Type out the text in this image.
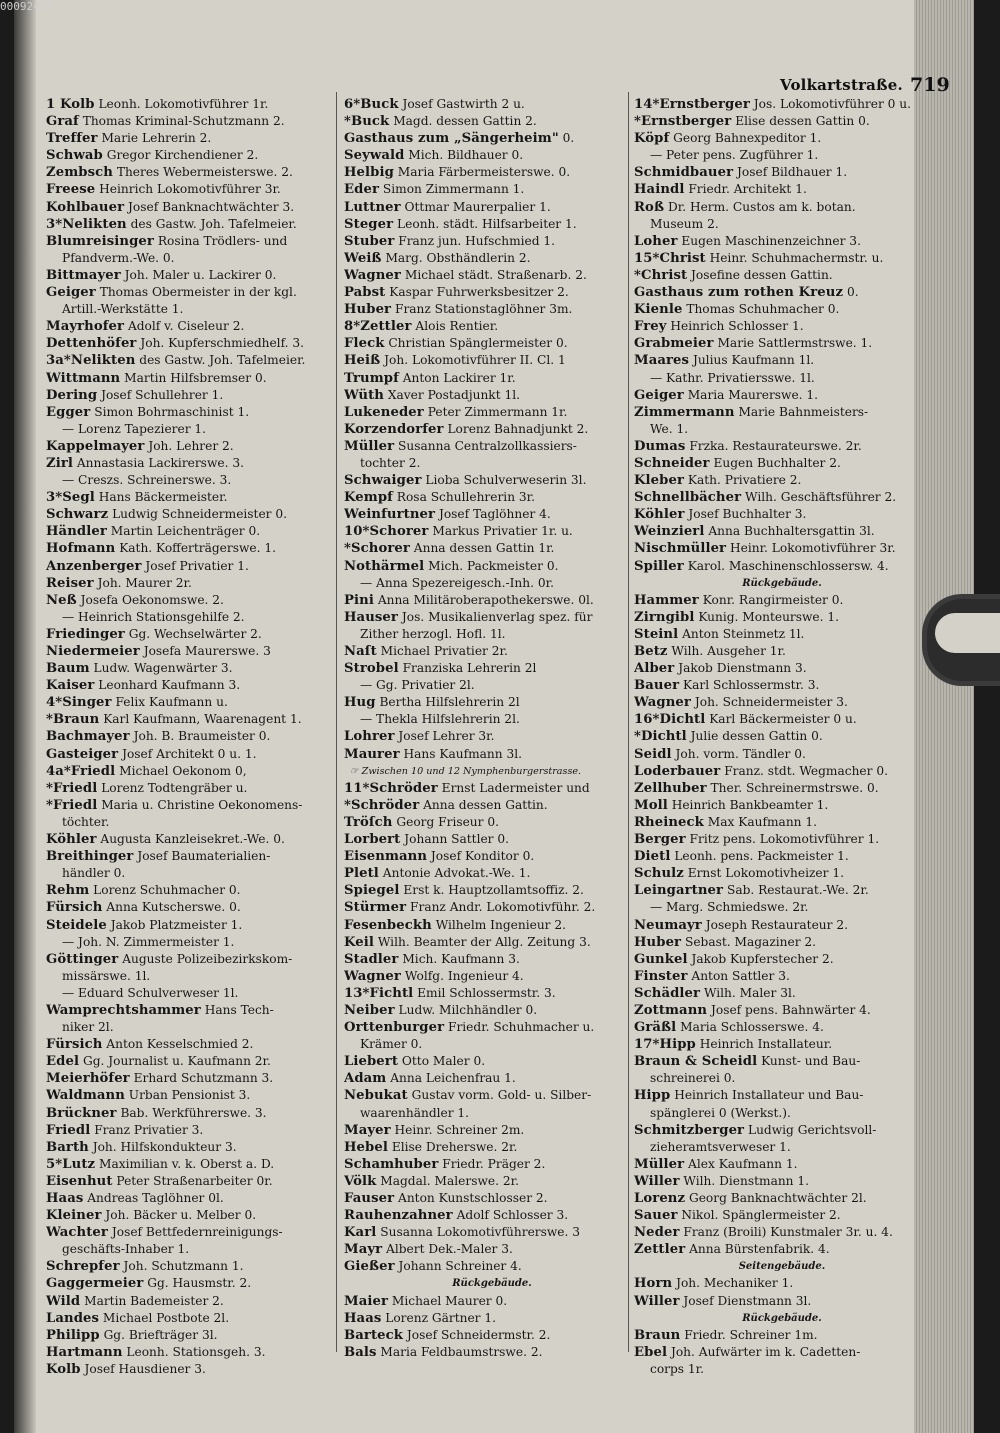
Volkartstraße. 719
1 Kolb Leonh. Lokomotivführer 1r.
Graf Thomas Kriminal-Schutzmann 2.
Treffer Marie Lehrerin 2.
Schwab Gregor Kirchendiener 2.
Zembsch Theres Webermeisterswe. 2.
Freese Heinrich Lokomotivführer 3r.
Kohlbauer Josef Banknachtwächter 3.
3*Nelikten des Gastw. Joh. Tafelmeier.
Blumreisinger Rosina Trödlers- und
Pfandverm.-We. 0.
Bittmayer Joh. Maler u. Lackirer 0.
Geiger Thomas Obermeister in der kgl.
Artill.-Werkstätte 1.
Mayrhofer Adolf v. Ciseleur 2.
Dettenhöfer Joh. Kupferschmiedhelf. 3.
3a*Nelikten des Gastw. Joh. Tafelmeier.
Wittmann Martin Hilfsbremser 0.
Dering Josef Schullehrer 1.
Egger Simon Bohrmaschinist 1.
— Lorenz Tapezierer 1.
Kappelmayer Joh. Lehrer 2.
Zirl Annastasia Lackirerswe. 3.
— Creszs. Schreinerswe. 3.
3*Segl Hans Bäckermeister.
Schwarz Ludwig Schneidermeister 0.
Händler Martin Leichenträger 0.
Hofmann Kath. Kofferträgerswe. 1.
Anzenberger Josef Privatier 1.
Reiser Joh. Maurer 2r.
Neß Josefa Oekonomswe. 2.
— Heinrich Stationsgehilfe 2.
Friedinger Gg. Wechselwärter 2.
Niedermeier Josefa Maurerswe. 3
Baum Ludw. Wagenwärter 3.
Kaiser Leonhard Kaufmann 3.
4*Singer Felix Kaufmann u.
*Braun Karl Kaufmann, Waarenagent 1.
Bachmayer Joh. B. Braumeister 0.
Gasteiger Josef Architekt 0 u. 1.
4a*Friedl Michael Oekonom 0,
*Friedl Lorenz Todtengräber u.
*Friedl Maria u. Christine Oekonomens-
töchter.
Köhler Augusta Kanzleisekret.-We. 0.
Breithinger Josef Baumaterialien-
händler 0.
Rehm Lorenz Schuhmacher 0.
Fürsich Anna Kutscherswe. 0.
Steidele Jakob Platzmeister 1.
— Joh. N. Zimmermeister 1.
Göttinger Auguste Polizeibezirkskom-
missärswe. 1l.
— Eduard Schulverweser 1l.
Wamprechtshammer Hans Tech-
niker 2l.
Fürsich Anton Kesselschmied 2.
Edel Gg. Journalist u. Kaufmann 2r.
Meierhöfer Erhard Schutzmann 3.
Waldmann Urban Pensionist 3.
Brückner Bab. Werkführerswe. 3.
Friedl Franz Privatier 3.
Barth Joh. Hilfskondukteur 3.
5*Lutz Maximilian v. k. Oberst a. D.
Eisenhut Peter Straßenarbeiter 0r.
Haas Andreas Taglöhner 0l.
Kleiner Joh. Bäcker u. Melber 0.
Wachter Josef Bettfedernreinigungs-
geschäfts-Inhaber 1.
Schrepfer Joh. Schutzmann 1.
Gaggermeier Gg. Hausmstr. 2.
Wild Martin Bademeister 2.
Landes Michael Postbote 2l.
Philipp Gg. Briefträger 3l.
Hartmann Leonh. Stationsgeh. 3.
Kolb Josef Hausdiener 3.
6*Buck Josef Gastwirth 2 u.
*Buck Magd. dessen Gattin 2.
Gasthaus zum „Sängerheim" 0.
Seywald Mich. Bildhauer 0.
Helbig Maria Färbermeisterswe. 0.
Eder Simon Zimmermann 1.
Luttner Ottmar Maurerpalier 1.
Steger Leonh. städt. Hilfsarbeiter 1.
Stuber Franz jun. Hufschmied 1.
Weiß Marg. Obsthändlerin 2.
Wagner Michael städt. Straßenarb. 2.
Pabst Kaspar Fuhrwerksbesitzer 2.
Huber Franz Stationstaglöhner 3m.
8*Zettler Alois Rentier.
Fleck Christian Spänglermeister 0.
Heiß Joh. Lokomotivführer II. Cl. 1
Trumpf Anton Lackirer 1r.
Wüth Xaver Postadjunkt 1l.
Lukeneder Peter Zimmermann 1r.
Korzendorfer Lorenz Bahnadjunkt 2.
Müller Susanna Centralzollkassiers-
tochter 2.
Schwaiger Lioba Schulverweserin 3l.
Kempf Rosa Schullehrerin 3r.
Weinfurtner Josef Taglöhner 4.
10*Schorer Markus Privatier 1r. u.
*Schorer Anna dessen Gattin 1r.
Nothärmel Mich. Packmeister 0.
— Anna Spezereigesch.-Inh. 0r.
Pini Anna Militäroberapothekerswe. 0l.
Hauser Jos. Musikalienverlag spez. für
Zither herzogl. Hofl. 1l.
Naſt Michael Privatier 2r.
Strobel Franziska Lehrerin 2l
— Gg. Privatier 2l.
Hug Bertha Hilfslehrerin 2l
— Thekla Hilfslehrerin 2l.
Lohrer Josef Lehrer 3r.
Maurer Hans Kaufmann 3l.
☞ Zwischen 10 und 12 Nymphenburgerstrasse.
11*Schröder Ernst Ladermeister und
*Schröder Anna dessen Gattin.
Tröſch Georg Friseur 0.
Lorbert Johann Sattler 0.
Eisenmann Josef Konditor 0.
Pletl Antonie Advokat.-We. 1.
Spiegel Erst k. Hauptzollamtsoffiz. 2.
Stürmer Franz Andr. Lokomotivführ. 2.
Fesenbeckh Wilhelm Ingenieur 2.
Keil Wilh. Beamter der Allg. Zeitung 3.
Stadler Mich. Kaufmann 3.
Wagner Wolfg. Ingenieur 4.
13*Fichtl Emil Schlossermstr. 3.
Neiber Ludw. Milchhändler 0.
Orttenburger Friedr. Schuhmacher u.
Krämer 0.
Liebert Otto Maler 0.
Adam Anna Leichenfrau 1.
Nebukat Gustav vorm. Gold- u. Silber-
waarenhändler 1.
Mayer Heinr. Schreiner 2m.
Hebel Elise Dreherswe. 2r.
Schamhuber Friedr. Präger 2.
Völk Magdal. Malerswe. 2r.
Fauser Anton Kunstschlosser 2.
Rauhenzahner Adolf Schlosser 3.
Karl Susanna Lokomotivführerswe. 3
Mayr Albert Dek.-Maler 3.
Gießer Johann Schreiner 4.
Rückgebäude.
Maier Michael Maurer 0.
Haas Lorenz Gärtner 1.
Barteck Josef Schneidermstr. 2.
Bals Maria Feldbaumstrswe. 2.
14*Ernstberger Jos. Lokomotivführer 0 u.
*Ernstberger Elise dessen Gattin 0.
Köpf Georg Bahnexpeditor 1.
— Peter pens. Zugführer 1.
Schmidbauer Josef Bildhauer 1.
Haindl Friedr. Architekt 1.
Roß Dr. Herm. Custos am k. botan.
Museum 2.
Loher Eugen Maschinenzeichner 3.
15*Christ Heinr. Schuhmachermstr. u.
*Christ Josefine dessen Gattin.
Gasthaus zum rothen Kreuz 0.
Kienle Thomas Schuhmacher 0.
Frey Heinrich Schlosser 1.
Grabmeier Marie Sattlermstrswe. 1.
Maares Julius Kaufmann 1l.
— Kathr. Privatiersswe. 1l.
Geiger Maria Maurerswe. 1.
Zimmermann Marie Bahnmeisters-
We. 1.
Dumas Frzka. Restaurateurswe. 2r.
Schneider Eugen Buchhalter 2.
Kleber Kath. Privatiere 2.
Schnellbächer Wilh. Geschäftsführer 2.
Köhler Josef Buchhalter 3.
Weinzierl Anna Buchhaltersgattin 3l.
Nischmüller Heinr. Lokomotivführer 3r.
Spiller Karol. Maschinenschlossersw. 4.
Rückgebäude.
Hammer Konr. Rangirmeister 0.
Zirngibl Kunig. Monteurswe. 1.
Steinl Anton Steinmetz 1l.
Betz Wilh. Ausgeher 1r.
Alber Jakob Dienstmann 3.
Bauer Karl Schlossermstr. 3.
Wagner Joh. Schneidermeister 3.
16*Dichtl Karl Bäckermeister 0 u.
*Dichtl Julie dessen Gattin 0.
Seidl Joh. vorm. Tändler 0.
Loderbauer Franz. stdt. Wegmacher 0.
Zellhuber Ther. Schreinermstrswe. 0.
Moll Heinrich Bankbeamter 1.
Rheineck Max Kaufmann 1.
Berger Fritz pens. Lokomotivführer 1.
Dietl Leonh. pens. Packmeister 1.
Schulz Ernst Lokomotivheizer 1.
Leingartner Sab. Restaurat.-We. 2r.
— Marg. Schmiedswe. 2r.
Neumayr Joseph Restaurateur 2.
Huber Sebast. Magaziner 2.
Gunkel Jakob Kupferstecher 2.
Finster Anton Sattler 3.
Schädler Wilh. Maler 3l.
Zottmann Josef pens. Bahnwärter 4.
Gräßl Maria Schlosserswe. 4.
17*Hipp Heinrich Installateur.
Braun & Scheidl Kunst- und Bau-
schreinerei 0.
Hipp Heinrich Installateur und Bau-
spänglerei 0 (Werkst.).
Schmitzberger Ludwig Gerichtsvoll-
zieheramtsverweser 1.
Müller Alex Kaufmann 1.
Willer Wilh. Dienstmann 1.
Lorenz Georg Banknachtwächter 2l.
Sauer Nikol. Spänglermeister 2.
Neder Franz (Broili) Kunstmaler 3r. u. 4.
Zettler Anna Bürstenfabrik. 4.
Seitengebäude.
Horn Joh. Mechaniker 1.
Willer Josef Dienstmann 3l.
Rückgebäude.
Braun Friedr. Schreiner 1m.
Ebel Joh. Aufwärter im k. Cadetten-
corps 1r.
00092427
